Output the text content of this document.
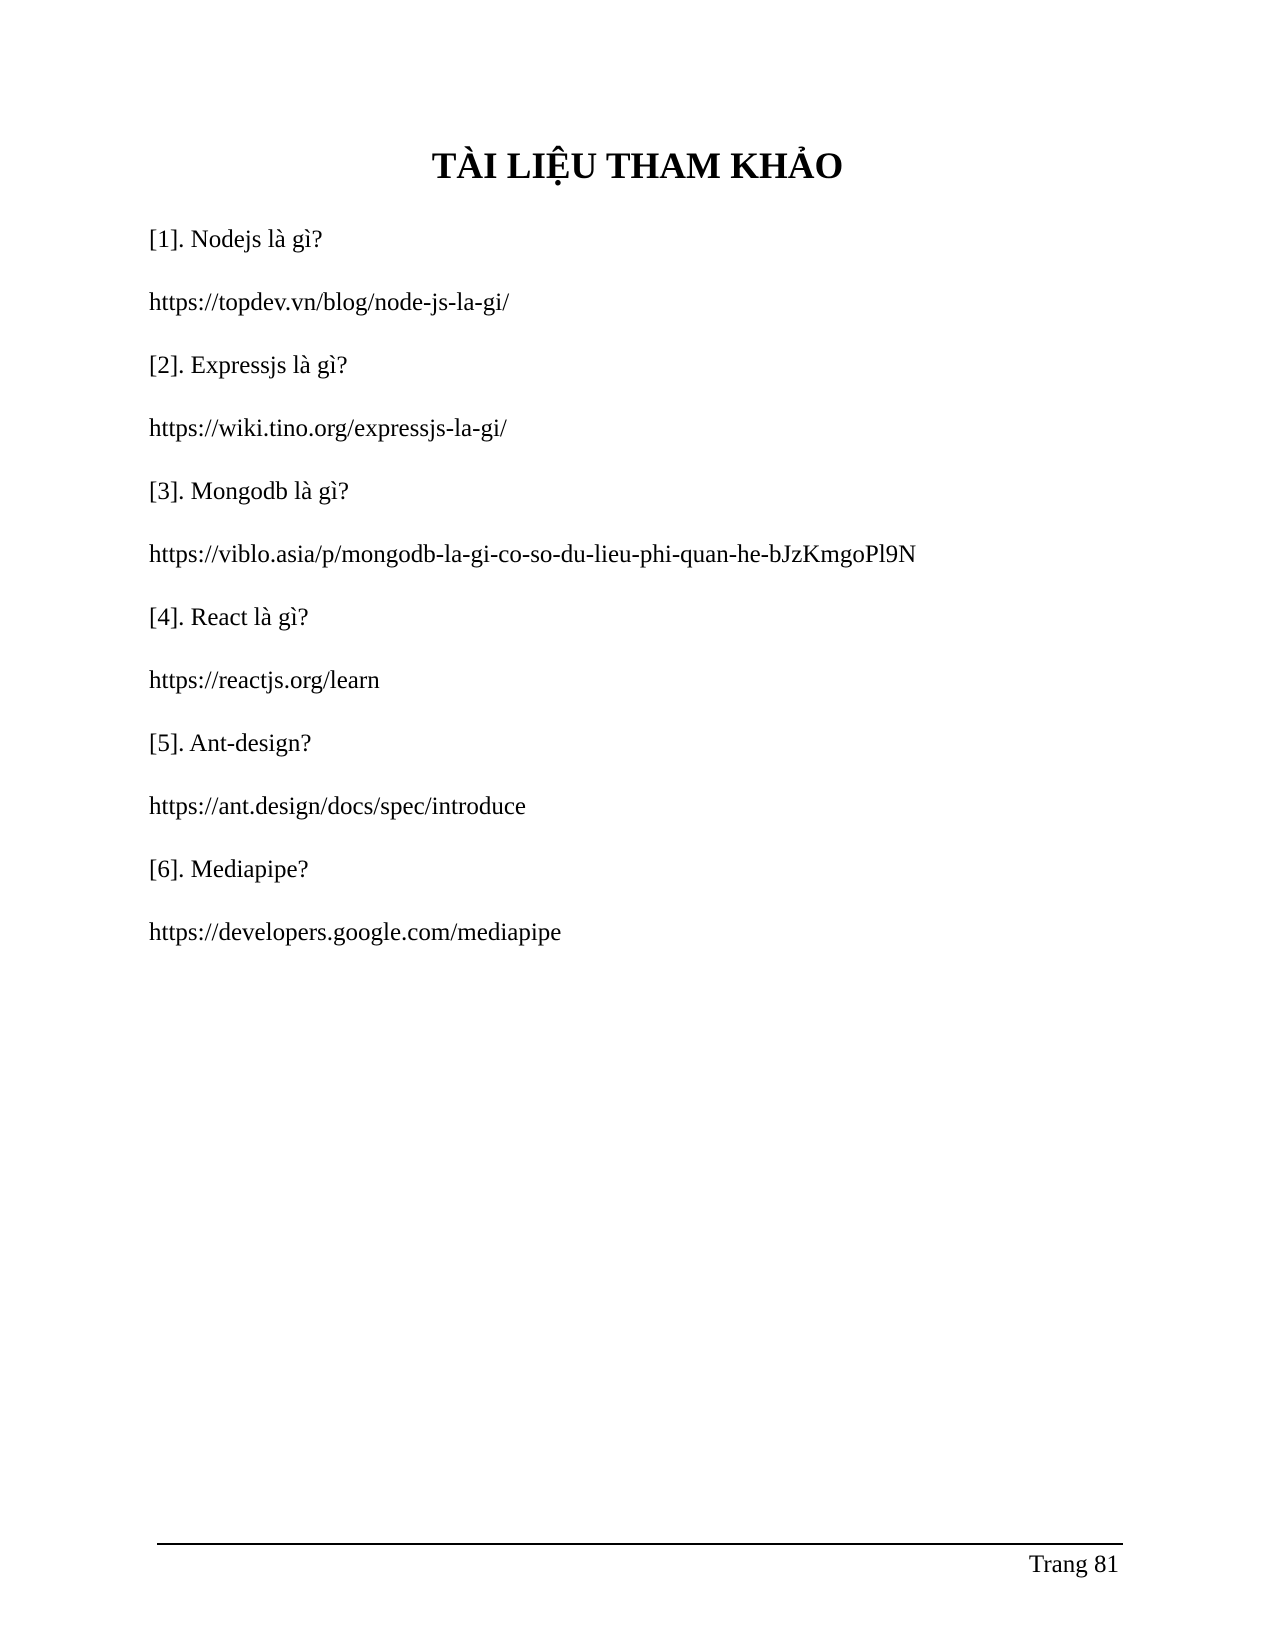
TÀI LIỆU THAM KHẢO
[1]. Nodejs là gì?
https://topdev.vn/blog/node-js-la-gi/
[2]. Expressjs là gì?
https://wiki.tino.org/expressjs-la-gi/
[3]. Mongodb là gì?
https://viblo.asia/p/mongodb-la-gi-co-so-du-lieu-phi-quan-he-bJzKmgoPl9N
[4]. React là gì?
https://reactjs.org/learn
[5]. Ant-design?
https://ant.design/docs/spec/introduce
[6]. Mediapipe?
https://developers.google.com/mediapipe
Trang 81
